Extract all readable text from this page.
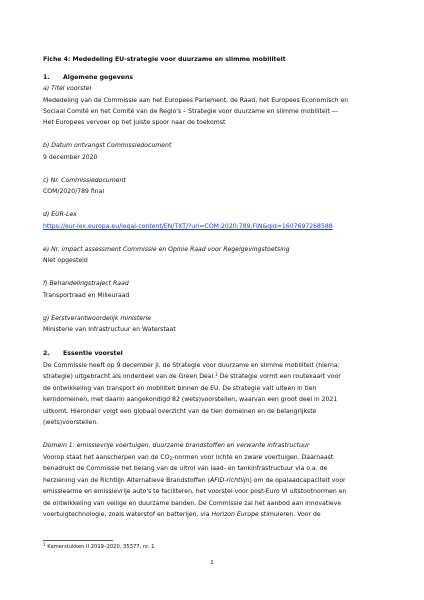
Fiche 4: Mededeling EU-strategie voor duurzame en slimme mobiliteit
1. Algemene gegevens
a) Titel voorstel
Mededeling van de Commissie aan het Europees Parlement, de Raad, het Europees Economisch en
Sociaal Comité en het Comité van de Regio's – Strategie voor duurzame en slimme mobiliteit —
Het Europees vervoer op het juiste spoor naar de toekomst
b) Datum ontvangst Commissiedocument
9 december 2020
c) Nr. Commissiedocument
COM/2020/789 final
d) EUR-Lex
https://eur-lex.europa.eu/legal-content/EN/TXT/?uri=COM:2020:789:FIN&qid=1607697268588
e) Nr. impact assessment Commissie en Opinie Raad voor Regelgevingstoetsing
Niet opgesteld
f) Behandelingstraject Raad
Transportraad en Milieuraad
g) Eerstverantwoordelijk ministerie
Ministerie van Infrastructuur en Waterstaat
2. Essentie voorstel
De Commissie heeft op 9 december jl. de Strategie voor duurzame en slimme mobiliteit (hierna:
strategie) uitgebracht als onderdeel van de Green Deal.$^1$ De strategie vormt een routekaart voor
de ontwikkeling van transport en mobiliteit binnen de EU. De strategie valt uiteen in tien
kerndomeinen, met daarin aangekondigd 82 (wets)voorstellen, waarvan een groot deel in 2021
uitkomt. Hieronder volgt een globaal overzicht van de tien domeinen en de belangrijkste
(wets)voorstellen.
Domein 1: emissievrije voertuigen, duurzame brandstoffen en verwante infrastructuur
Voorop staat het aanscherpen van de $CO_2$-normen voor lichte en zware voertuigen. Daarnaast
benadrukt de Commissie het belang van de uitrol van laad- en tankinfrastructuur via o.a. de
herziening van de Richtlijn Alternatieve Brandstoffen (AFID-richtlijn) om de opalaadcapaciteit voor
emissiearme en emissievrije auto's te faciliteren, het voorstel voor post-Euro VI uitstootnormen en
de ontwikkeling van veilige en duurzame banden. De Commissie zal het aanbod aan innovatieve
voertuigtechnologie, zoals waterstof en batterijen, via Horizon Europe stimuleren. Voor de
$^1$ Kamerstukken II 2019–2020, 35377, nr. 1
1
